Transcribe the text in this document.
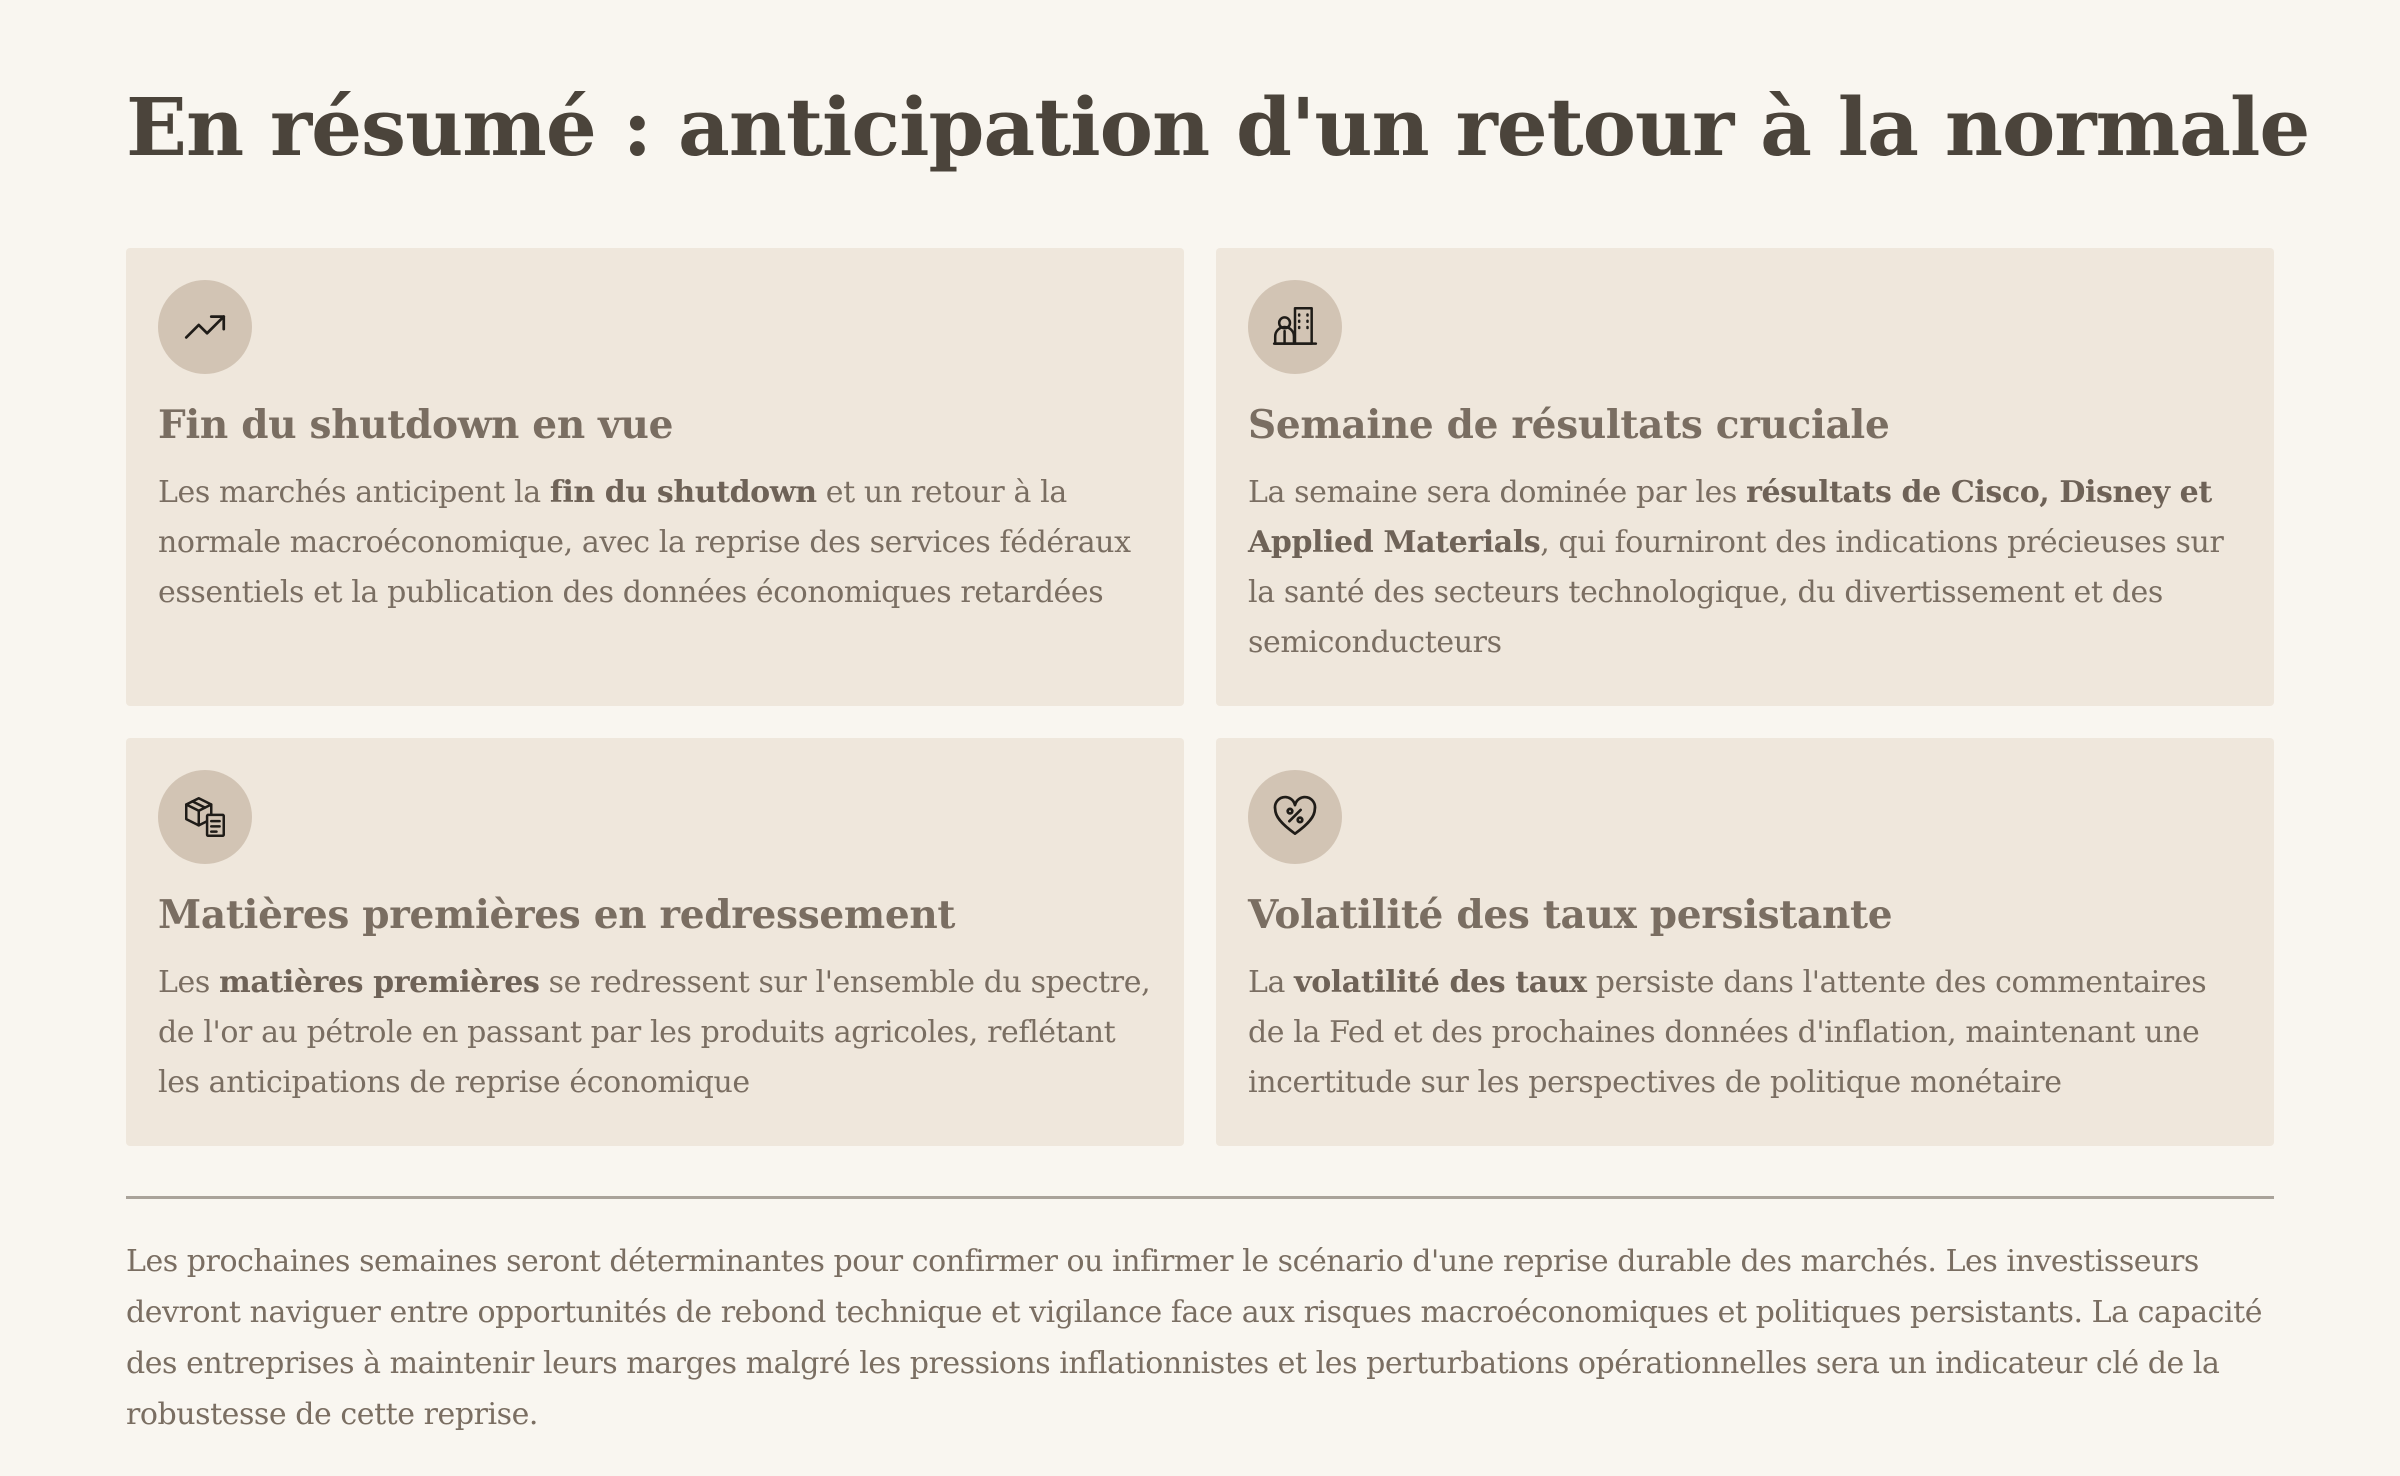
En résumé : anticipation d'un retour à la normale
Fin du shutdown en vue

Les marchés anticipent la fin du shutdown et un retour à la normale macroéconomique, avec la reprise des services fédéraux essentiels et la publication des données économiques retardées

Semaine de résultats cruciale

La semaine sera dominée par les résultats de Cisco, Disney et Applied Materials, qui fourniront des indications précieuses sur la santé des secteurs technologique, du divertissement et des semiconducteurs

Matières premières en redressement

Les matières premières se redressent sur l'ensemble du spectre, de l'or au pétrole en passant par les produits agricoles, reflétant les anticipations de reprise économique

Volatilité des taux persistante

La volatilité des taux persiste dans l'attente des commentaires de la Fed et des prochaines données d'inflation, maintenant une incertitude sur les perspectives de politique monétaire

Les prochaines semaines seront déterminantes pour confirmer ou infirmer le scénario d'une reprise durable des marchés. Les investisseurs devront naviguer entre opportunités de rebond technique et vigilance face aux risques macroéconomiques et politiques persistants. La capacité des entreprises à maintenir leurs marges malgré les pressions inflationnistes et les perturbations opérationnelles sera un indicateur clé de la robustesse de cette reprise.
